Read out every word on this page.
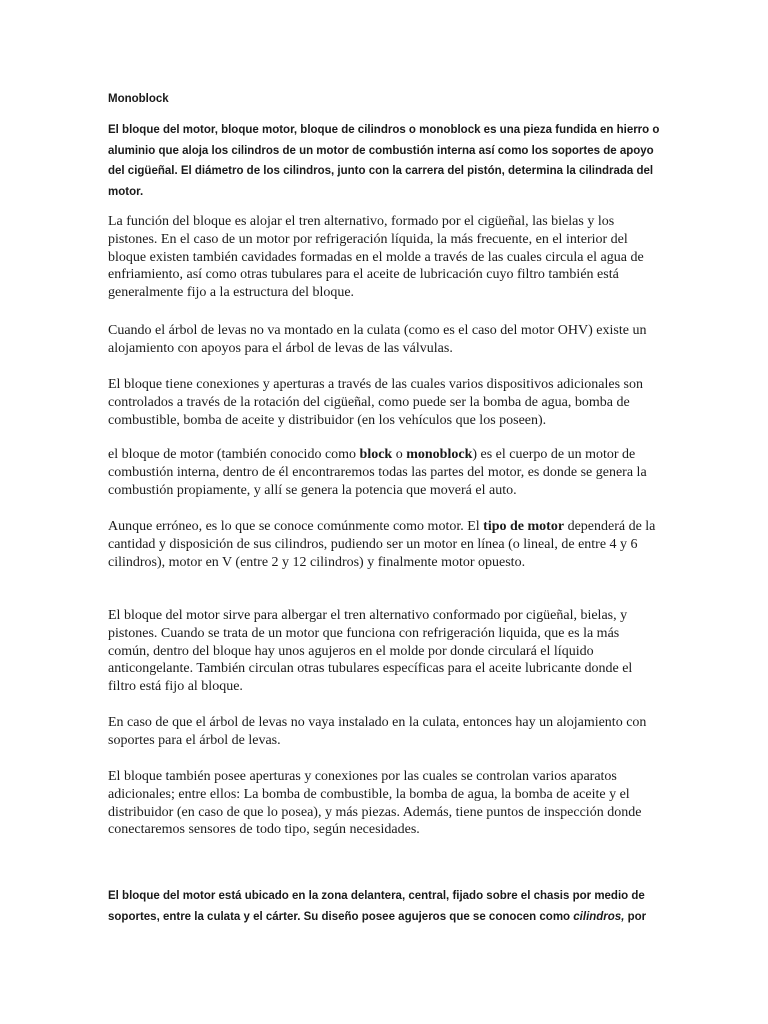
Monoblock

El bloque del motor, bloque motor, bloque de cilindros o monoblock es una pieza fundida en hierro o aluminio que aloja los cilindros de un motor de combustión interna así como los soportes de apoyo del cigüeñal. El diámetro de los cilindros, junto con la carrera del pistón, determina la cilindrada del motor.

La función del bloque es alojar el tren alternativo, formado por el cigüeñal, las bielas y los pistones. En el caso de un motor por refrigeración líquida, la más frecuente, en el interior del bloque existen también cavidades formadas en el molde a través de las cuales circula el agua de enfriamiento, así como otras tubulares para el aceite de lubricación cuyo filtro también está generalmente fijo a la estructura del bloque.

Cuando el árbol de levas no va montado en la culata (como es el caso del motor OHV) existe un alojamiento con apoyos para el árbol de levas de las válvulas.

El bloque tiene conexiones y aperturas a través de las cuales varios dispositivos adicionales son controlados a través de la rotación del cigüeñal, como puede ser la bomba de agua, bomba de combustible, bomba de aceite y distribuidor (en los vehículos que los poseen).

el bloque de motor (también conocido como block o monoblock) es el cuerpo de un motor de combustión interna, dentro de él encontraremos todas las partes del motor, es donde se genera la combustión propiamente, y allí se genera la potencia que moverá el auto.

Aunque erróneo, es lo que se conoce comúnmente como motor. El tipo de motor dependerá de la cantidad y disposición de sus cilindros, pudiendo ser un motor en línea (o lineal, de entre 4 y 6 cilindros), motor en V (entre 2 y 12 cilindros) y finalmente motor opuesto.

El bloque del motor sirve para albergar el tren alternativo conformado por cigüeñal, bielas, y pistones. Cuando se trata de un motor que funciona con refrigeración liquida, que es la más común, dentro del bloque hay unos agujeros en el molde por donde circulará el líquido anticongelante. También circulan otras tubulares específicas para el aceite lubricante donde el filtro está fijo al bloque.

En caso de que el árbol de levas no vaya instalado en la culata, entonces hay un alojamiento con soportes para el árbol de levas.

El bloque también posee aperturas y conexiones por las cuales se controlan varios aparatos adicionales; entre ellos: La bomba de combustible, la bomba de agua, la bomba de aceite y el distribuidor (en caso de que lo posea), y más piezas. Además, tiene puntos de inspección donde conectaremos sensores de todo tipo, según necesidades.

El bloque del motor está ubicado en la zona delantera, central, fijado sobre el chasis por medio de soportes, entre la culata y el cárter. Su diseño posee agujeros que se conocen como cilindros, por
